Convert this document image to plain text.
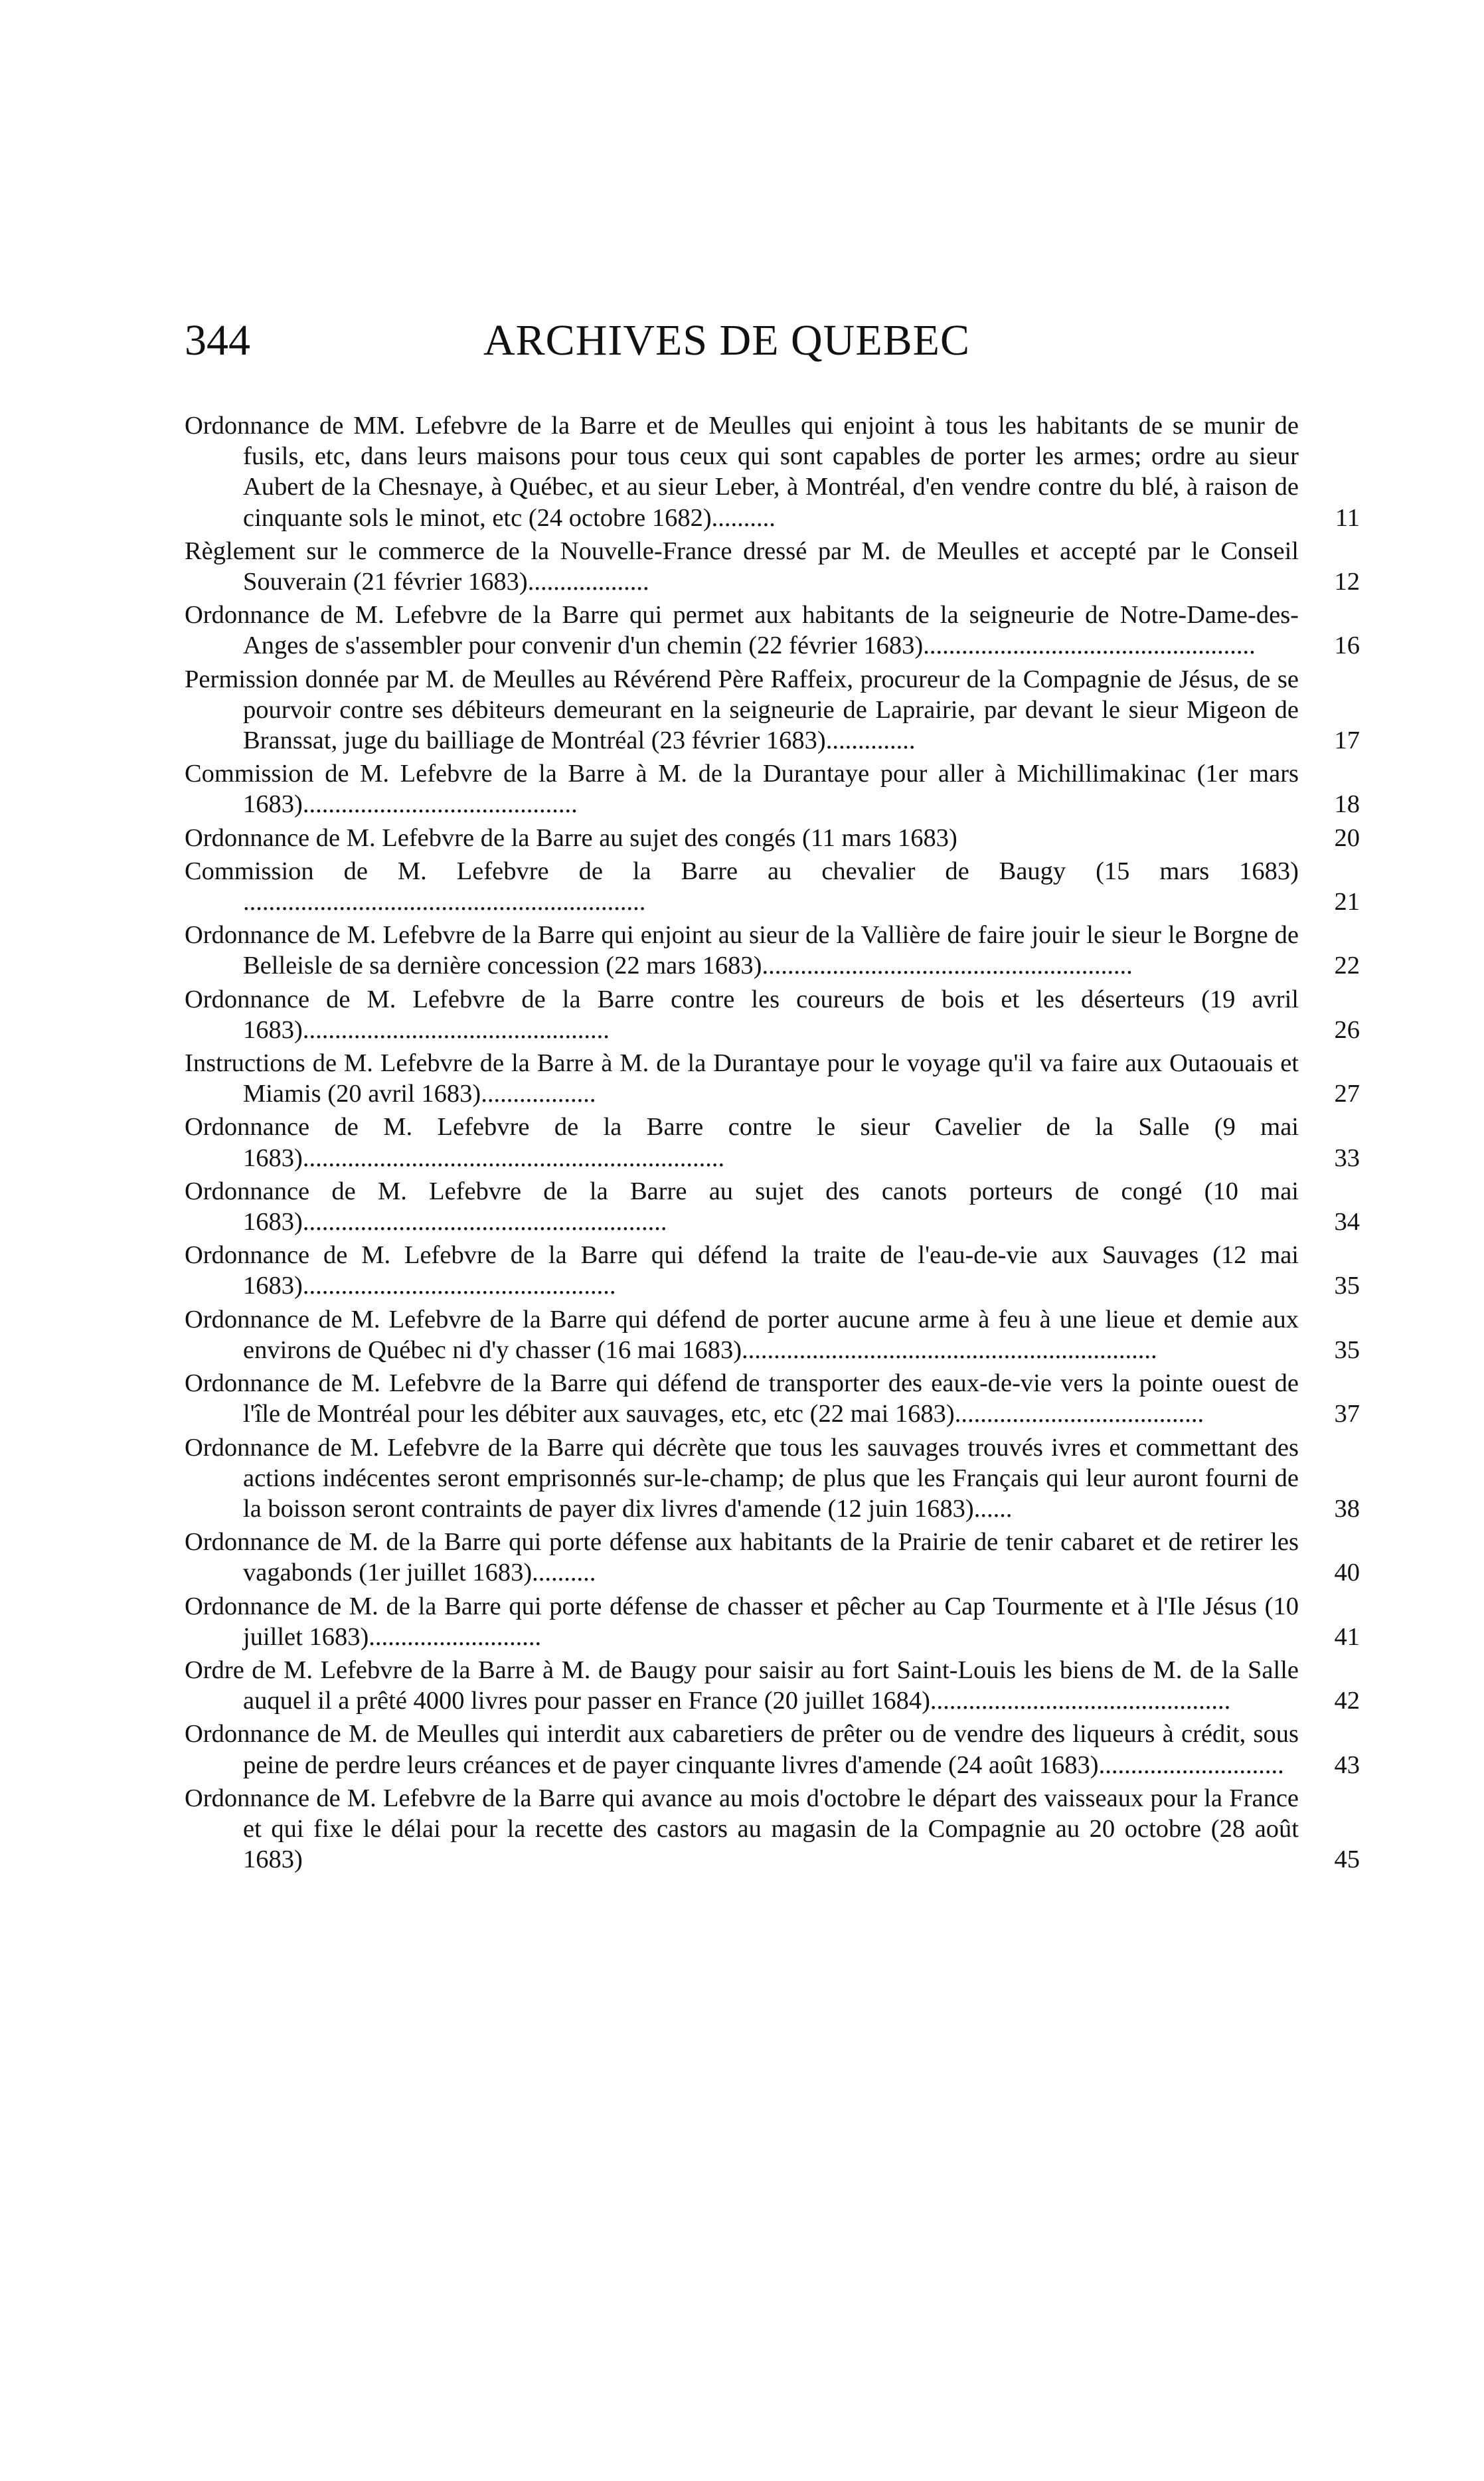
344	ARCHIVES DE QUEBEC
Ordonnance de MM. Lefebvre de la Barre et de Meulles qui enjoint à tous les habitants de se munir de fusils, etc, dans leurs maisons pour tous ceux qui sont capables de porter les armes; ordre au sieur Aubert de la Chesnaye, à Québec, et au sieur Leber, à Montréal, d'en vendre contre du blé, à raison de cinquante sols le minot, etc (24 octobre 1682)..........	11
Règlement sur le commerce de la Nouvelle-France dressé par M. de Meulles et accepté par le Conseil Souverain (21 février 1683)...................	12
Ordonnance de M. Lefebvre de la Barre qui permet aux habitants de la seigneurie de Notre-Dame-des-Anges de s'assembler pour convenir d'un chemin (22 février 1683)....................................................	16
Permission donnée par M. de Meulles au Révérend Père Raffeix, procureur de la Compagnie de Jésus, de se pourvoir contre ses débiteurs demeurant en la seigneurie de Laprairie, par devant le sieur Migeon de Branssat, juge du bailliage de Montréal (23 février 1683)..............	17
Commission de M. Lefebvre de la Barre à M. de la Durantaye pour aller à Michillimakinac (1er mars 1683)...........................................	18
Ordonnance de M. Lefebvre de la Barre au sujet des congés (11 mars 1683)	20
Commission de M. Lefebvre de la Barre au chevalier de Baugy (15 mars 1683) ...............................................................	21
Ordonnance de M. Lefebvre de la Barre qui enjoint au sieur de la Vallière de faire jouir le sieur le Borgne de Belleisle de sa dernière concession (22 mars 1683)..........................................................	22
Ordonnance de M. Lefebvre de la Barre contre les coureurs de bois et les déserteurs (19 avril 1683)................................................	26
Instructions de M. Lefebvre de la Barre à M. de la Durantaye pour le voyage qu'il va faire aux Outaouais et Miamis (20 avril 1683)..................	27
Ordonnance de M. Lefebvre de la Barre contre le sieur Cavelier de la Salle (9 mai 1683)..................................................................	33
Ordonnance de M. Lefebvre de la Barre au sujet des canots porteurs de congé (10 mai 1683).........................................................	34
Ordonnance de M. Lefebvre de la Barre qui défend la traite de l'eau-de-vie aux Sauvages (12 mai 1683).................................................	35
Ordonnance de M. Lefebvre de la Barre qui défend de porter aucune arme à feu à une lieue et demie aux environs de Québec ni d'y chasser (16 mai 1683).................................................................	35
Ordonnance de M. Lefebvre de la Barre qui défend de transporter des eaux-de-vie vers la pointe ouest de l'île de Montréal pour les débiter aux sauvages, etc, etc (22 mai 1683).......................................	37
Ordonnance de M. Lefebvre de la Barre qui décrète que tous les sauvages trouvés ivres et commettant des actions indécentes seront emprisonnés sur-le-champ; de plus que les Français qui leur auront fourni de la boisson seront contraints de payer dix livres d'amende (12 juin 1683)......	38
Ordonnance de M. de la Barre qui porte défense aux habitants de la Prairie de tenir cabaret et de retirer les vagabonds (1er juillet 1683)..........	40
Ordonnance de M. de la Barre qui porte défense de chasser et pêcher au Cap Tourmente et à l'Ile Jésus (10 juillet 1683)...........................	41
Ordre de M. Lefebvre de la Barre à M. de Baugy pour saisir au fort Saint-Louis les biens de M. de la Salle auquel il a prêté 4000 livres pour passer en France (20 juillet 1684)...............................................	42
Ordonnance de M. de Meulles qui interdit aux cabaretiers de prêter ou de vendre des liqueurs à crédit, sous peine de perdre leurs créances et de payer cinquante livres d'amende (24 août 1683).............................	43
Ordonnance de M. Lefebvre de la Barre qui avance au mois d'octobre le départ des vaisseaux pour la France et qui fixe le délai pour la recette des castors au magasin de la Compagnie au 20 octobre (28 août 1683)	45
